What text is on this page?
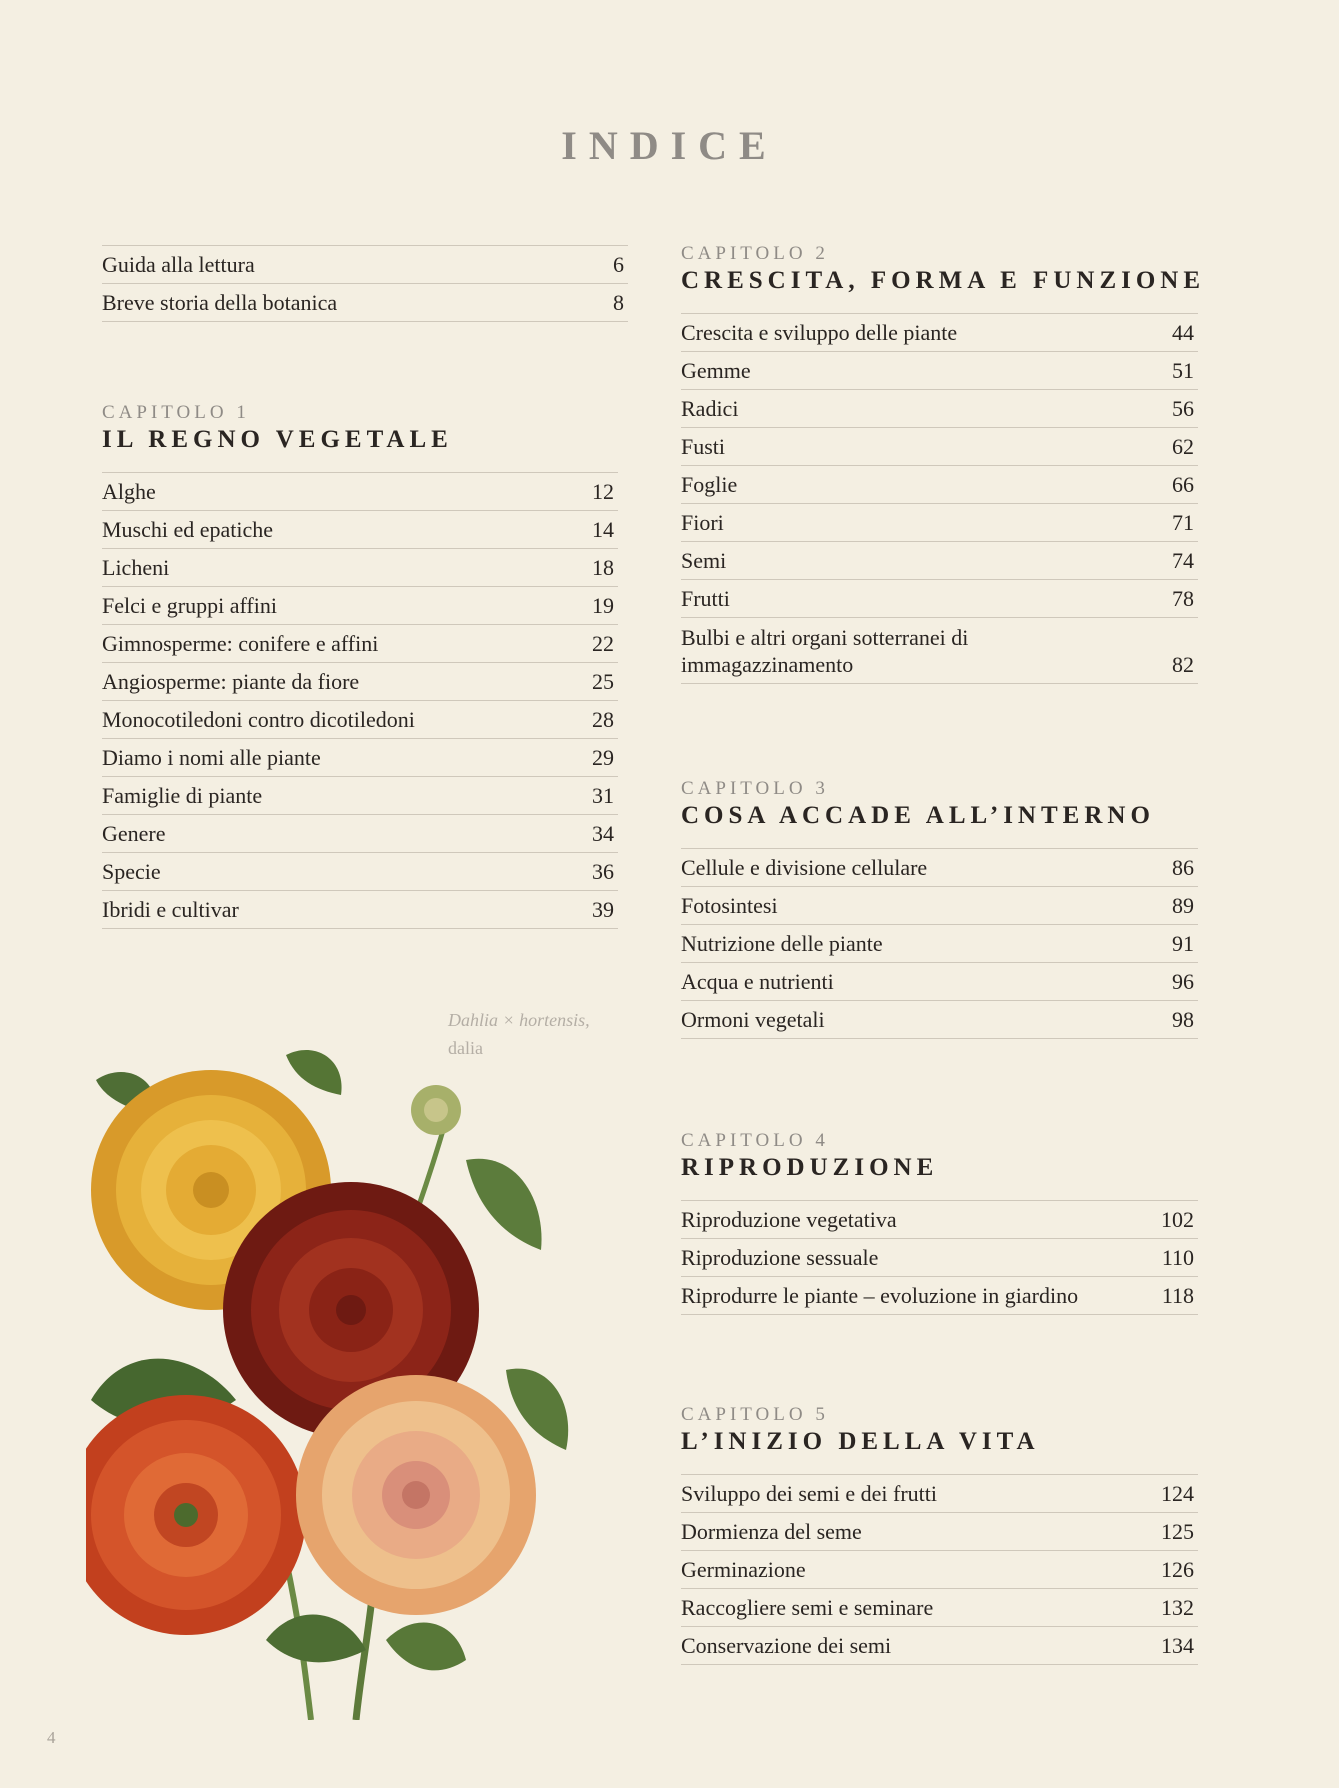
INDICE
Guida alla lettura	6
Breve storia della botanica	8
CAPITOLO 1
IL REGNO VEGETALE
Alghe	12
Muschi ed epatiche	14
Licheni	18
Felci e gruppi affini	19
Gimnosperme: conifere e affini	22
Angiosperme: piante da fiore	25
Monocotiledoni contro dicotiledoni	28
Diamo i nomi alle piante	29
Famiglie di piante	31
Genere	34
Specie	36
Ibridi e cultivar	39
Dahlia × hortensis,
dalia
CAPITOLO 2
CRESCITA, FORMA E FUNZIONE
Crescita e sviluppo delle piante	44
Gemme	51
Radici	56
Fusti	62
Foglie	66
Fiori	71
Semi	74
Frutti	78
Bulbi e altri organi sotterranei di immagazzinamento	82
CAPITOLO 3
COSA ACCADE ALL’INTERNO
Cellule e divisione cellulare	86
Fotosintesi	89
Nutrizione delle piante	91
Acqua e nutrienti	96
Ormoni vegetali	98
CAPITOLO 4
RIPRODUZIONE
Riproduzione vegetativa	102
Riproduzione sessuale	110
Riprodurre le piante – evoluzione in giardino	118
CAPITOLO 5
L’INIZIO DELLA VITA
Sviluppo dei semi e dei frutti	124
Dormienza del seme	125
Germinazione	126
Raccogliere semi e seminare	132
Conservazione dei semi	134
4
